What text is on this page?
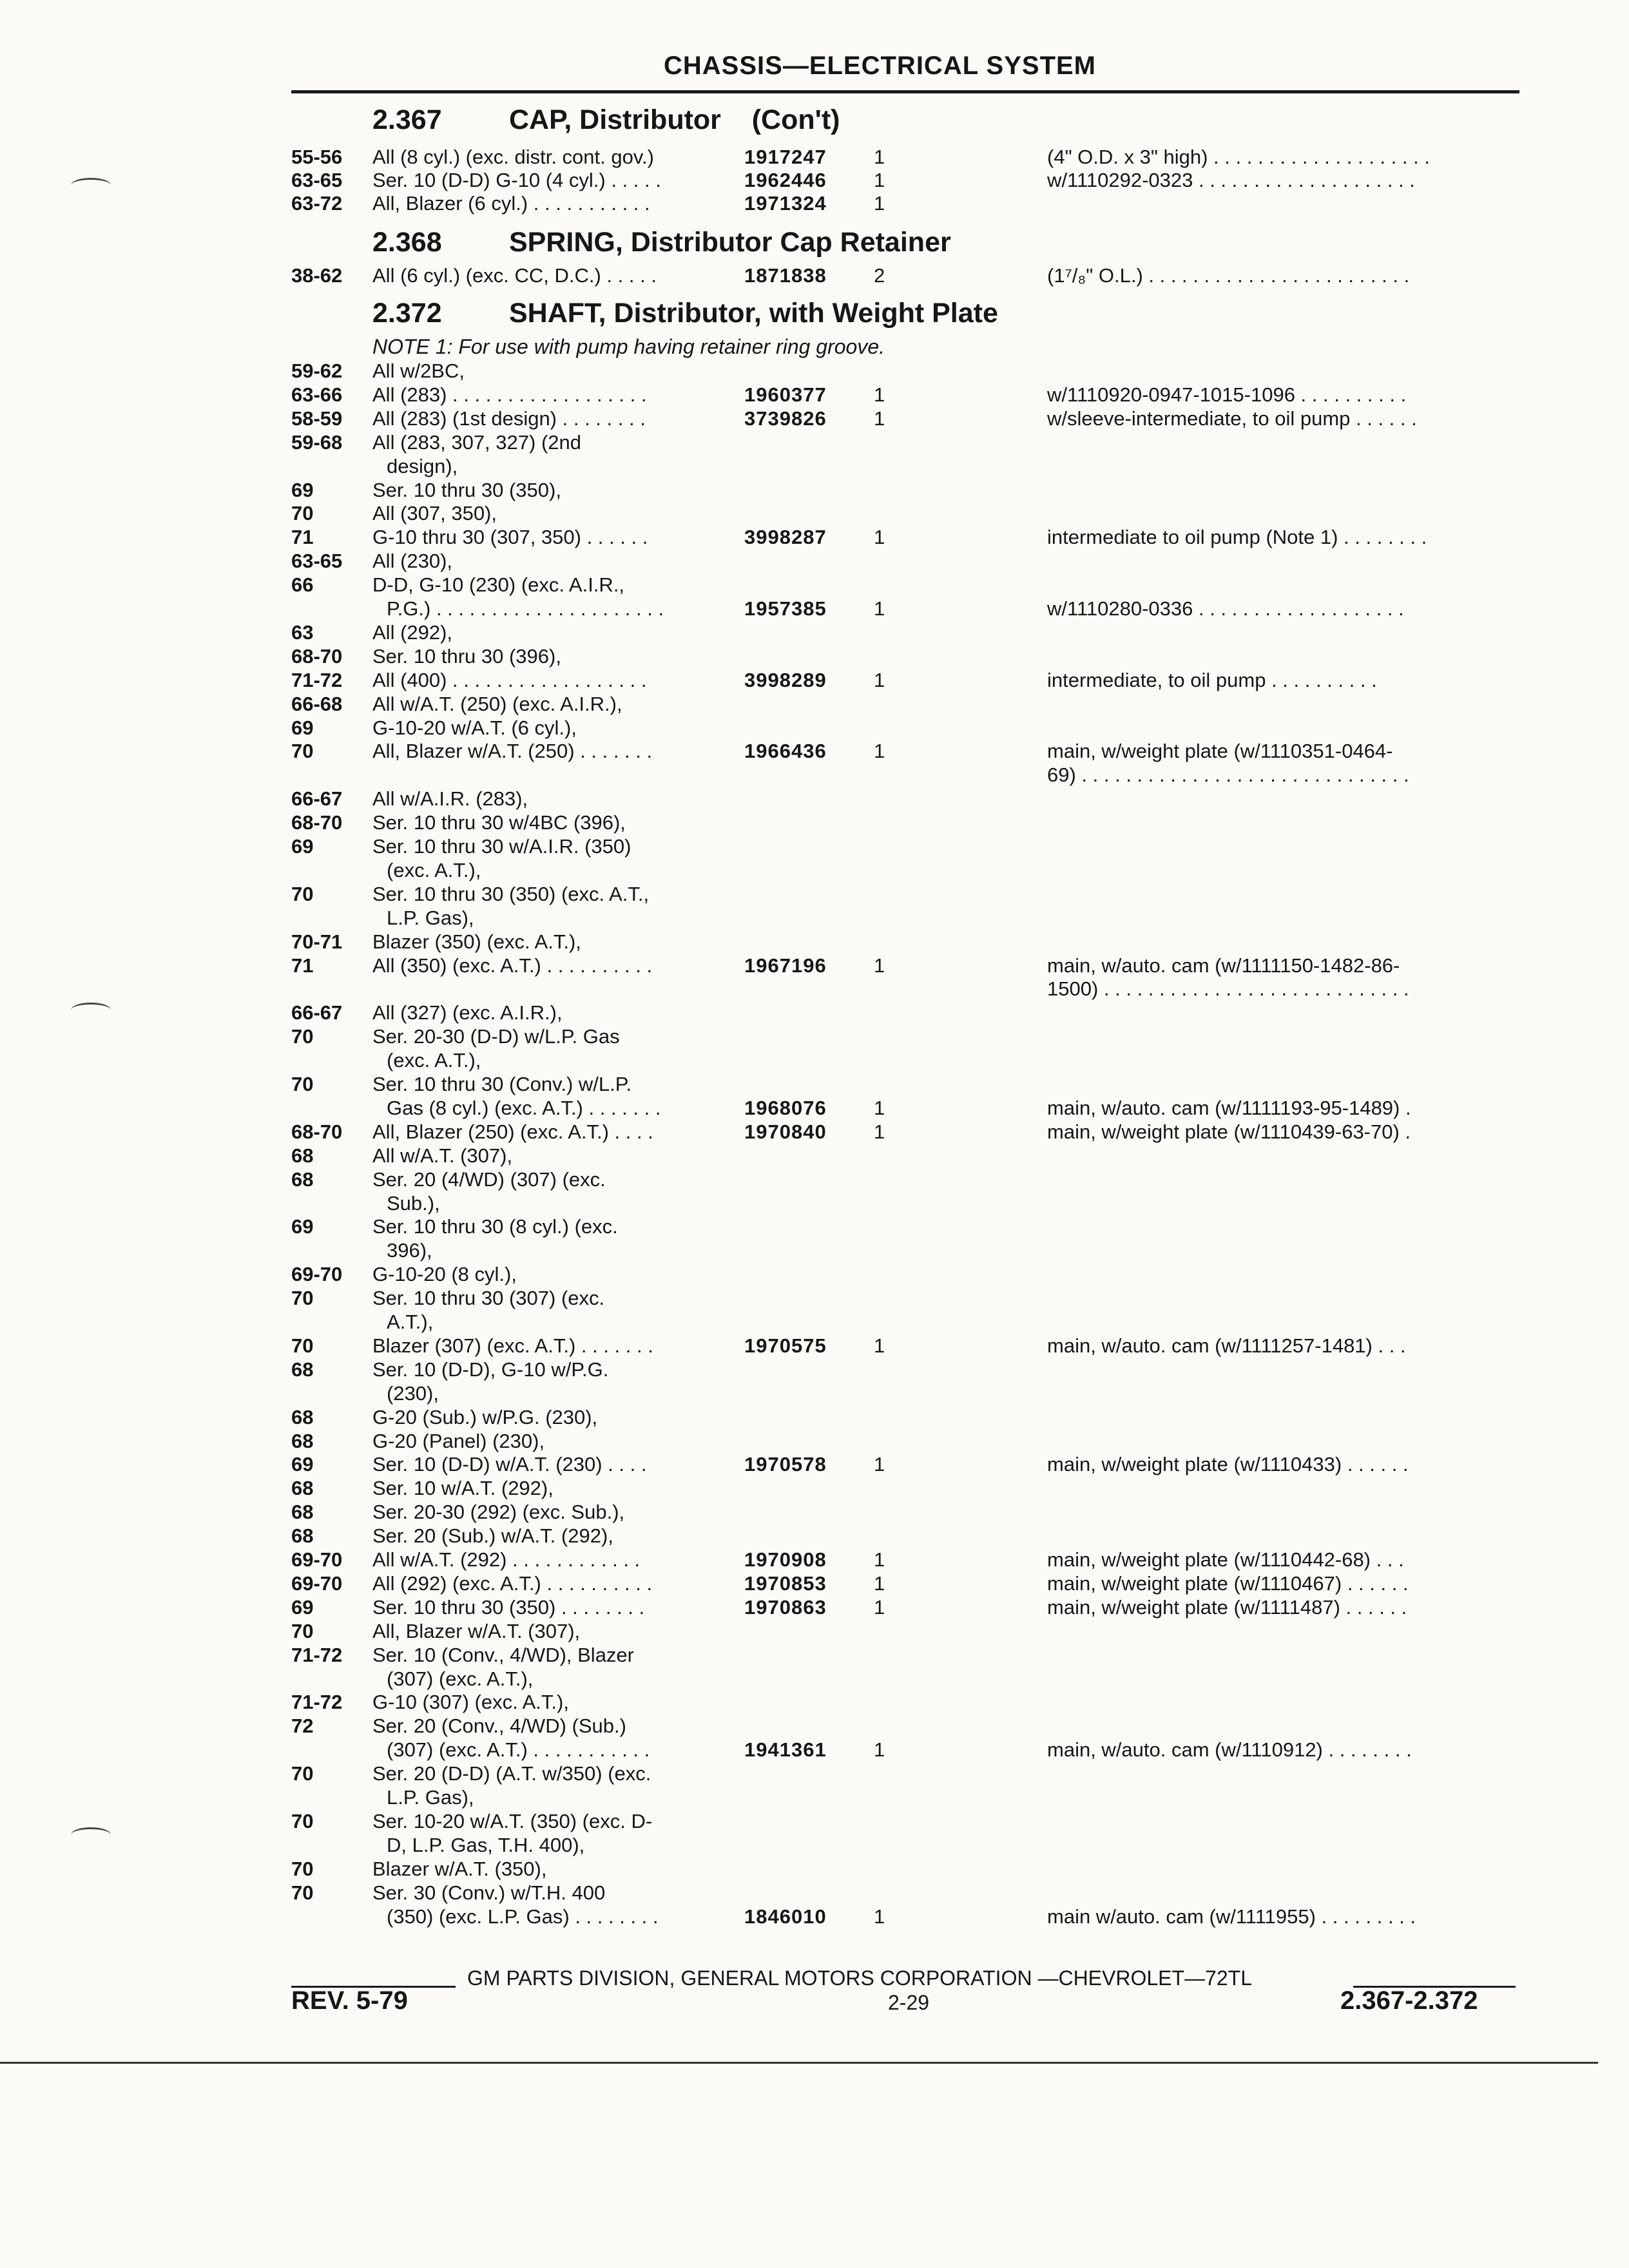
CHASSIS—ELECTRICAL SYSTEM
2.367 CAP, Distributor    (Con't)
2.368 SPRING, Distributor Cap Retainer
2.372 SHAFT, Distributor, with Weight Plate
NOTE 1: For use with pump having retainer ring groove.
55-56 All (8 cyl.) (exc. distr. cont. gov.)	1917247 1	(4" O.D. x 3" high) . . . . . . . . . . . . . . . . . . . .
63-65 Ser. 10 (D-D) G-10 (4 cyl.) . . . . .	1962446 1	w/1110292-0323 . . . . . . . . . . . . . . . . . . . .
63-72 All, Blazer (6 cyl.) . . . . . . . . . . .	1971324 1
38-62 All (6 cyl.) (exc. CC, D.C.) . . . . .	1871838 2	(1⁷/₈" O.L.) . . . . . . . . . . . . . . . . . . . . . . . .
59-62 All w/2BC,
63-66 All (283) . . . . . . . . . . . . . . . . . .	1960377 1	w/1110920-0947-1015-1096 . . . . . . . . . .
58-59 All (283) (1st design) . . . . . . . .	3739826 1	w/sleeve-intermediate, to oil pump . . . . . .
59-68 All (283, 307, 327) (2nd
design),
69	Ser. 10 thru 30 (350),
70	All (307, 350),
71	G-10 thru 30 (307, 350) . . . . . .	3998287 1	intermediate to oil pump (Note 1) . . . . . . . .
63-65 All (230),
66	D-D, G-10 (230) (exc. A.I.R.,
P.G.) . . . . . . . . . . . . . . . . . . . . .	1957385 1	w/1110280-0336 . . . . . . . . . . . . . . . . . . .
63	All (292),
68-70 Ser. 10 thru 30 (396),
71-72 All (400) . . . . . . . . . . . . . . . . . .	3998289 1	intermediate, to oil pump . . . . . . . . . .
66-68 All w/A.T. (250) (exc. A.I.R.),
69	G-10-20 w/A.T. (6 cyl.),
70	All, Blazer w/A.T. (250) . . . . . . .	1966436 1	main, w/weight plate (w/1110351-0464-
69) . . . . . . . . . . . . . . . . . . . . . . . . . . . . . .
66-67 All w/A.I.R. (283),
68-70 Ser. 10 thru 30 w/4BC (396),
69	Ser. 10 thru 30 w/A.I.R. (350)
(exc. A.T.),
70	Ser. 10 thru 30 (350) (exc. A.T.,
L.P. Gas),
70-71 Blazer (350) (exc. A.T.),
71	All (350) (exc. A.T.) . . . . . . . . . .	1967196 1	main, w/auto. cam (w/1111150-1482-86-
1500) . . . . . . . . . . . . . . . . . . . . . . . . . . . .
66-67 All (327) (exc. A.I.R.),
70	Ser. 20-30 (D-D) w/L.P. Gas
(exc. A.T.),
70	Ser. 10 thru 30 (Conv.) w/L.P.
Gas (8 cyl.) (exc. A.T.) . . . . . . .	1968076 1	main, w/auto. cam (w/1111193-95-1489) .
68-70 All, Blazer (250) (exc. A.T.) . . . .	1970840 1	main, w/weight plate (w/1110439-63-70) .
68	All w/A.T. (307),
68	Ser. 20 (4/WD) (307) (exc.
Sub.),
69	Ser. 10 thru 30 (8 cyl.) (exc.
396),
69-70 G-10-20 (8 cyl.),
70	Ser. 10 thru 30 (307) (exc.
A.T.),
70	Blazer (307) (exc. A.T.) . . . . . . .	1970575 1	main, w/auto. cam (w/1111257-1481) . . .
68	Ser. 10 (D-D), G-10 w/P.G.
(230),
68	G-20 (Sub.) w/P.G. (230),
68	G-20 (Panel) (230),
69	Ser. 10 (D-D) w/A.T. (230) . . . .	1970578 1	main, w/weight plate (w/1110433) . . . . . .
68	Ser. 10 w/A.T. (292),
68	Ser. 20-30 (292) (exc. Sub.),
68	Ser. 20 (Sub.) w/A.T. (292),
69-70 All w/A.T. (292) . . . . . . . . . . . .	1970908 1	main, w/weight plate (w/1110442-68) . . .
69-70 All (292) (exc. A.T.) . . . . . . . . . .	1970853 1	main, w/weight plate (w/1110467) . . . . . .
69	Ser. 10 thru 30 (350) . . . . . . . .	1970863 1	main, w/weight plate (w/1111487) . . . . . .
70	All, Blazer w/A.T. (307),
71-72 Ser. 10 (Conv., 4/WD), Blazer
(307) (exc. A.T.),
71-72 G-10 (307) (exc. A.T.),
72	Ser. 20 (Conv., 4/WD) (Sub.)
(307) (exc. A.T.) . . . . . . . . . . .	1941361 1	main, w/auto. cam (w/1110912) . . . . . . . .
70	Ser. 20 (D-D) (A.T. w/350) (exc.
L.P. Gas),
70	Ser. 10-20 w/A.T. (350) (exc. D-
D, L.P. Gas, T.H. 400),
70	Blazer w/A.T. (350),
70	Ser. 30 (Conv.) w/T.H. 400
(350) (exc. L.P. Gas) . . . . . . . .	1846010 1	main w/auto. cam (w/1111955) . . . . . . . . .
GM PARTS DIVISION, GENERAL MOTORS CORPORATION —CHEVROLET—72TL
REV. 5-79	2-29	2.367-2.372
